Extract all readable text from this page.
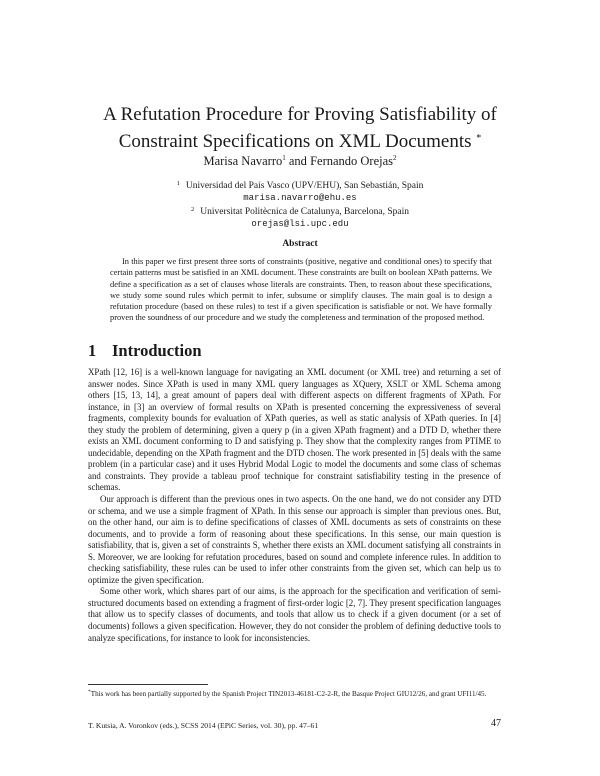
A Refutation Procedure for Proving Satisfiability of
Constraint Specifications on XML Documents *
Marisa Navarro$^1$ and Fernando Orejas$^2$
$^1$ Universidad del País Vasco (UPV/EHU), San Sebastián, Spain
marisa.navarro@ehu.es
$^2$ Universitat Politècnica de Catalunya, Barcelona, Spain
orejas@lsi.upc.edu
Abstract

In this paper we first present three sorts of constraints (positive, negative and conditional ones) to specify that certain patterns must be satisfied in an XML document. These constraints are built on boolean XPath patterns. We define a specification as a set of clauses whose literals are constraints. Then, to reason about these specifications, we study some sound rules which permit to infer, subsume or simplify clauses. The main goal is to design a refutation procedure (based on these rules) to test if a given specification is satisfiable or not. We have formally proven the soundness of our procedure and we study the completeness and termination of the proposed method.

1 Introduction

XPath [12, 16] is a well-known language for navigating an XML document (or XML tree) and returning a set of answer nodes. Since XPath is used in many XML query languages as XQuery, XSLT or XML Schema among others [15, 13, 14], a great amount of papers deal with different aspects on different fragments of XPath. For instance, in [3] an overview of formal results on XPath is presented concerning the expressiveness of several fragments, complexity bounds for evaluation of XPath queries, as well as static analysis of XPath queries. In [4] they study the problem of determining, given a query p (in a given XPath fragment) and a DTD D, whether there exists an XML document conforming to D and satisfying p. They show that the complexity ranges from PTIME to undecidable, depending on the XPath fragment and the DTD chosen. The work presented in [5] deals with the same problem (in a particular case) and it uses Hybrid Modal Logic to model the documents and some class of schemas and constraints. They provide a tableau proof technique for constraint satisfiability testing in the presence of schemas.

Our approach is different than the previous ones in two aspects. On the one hand, we do not consider any DTD or schema, and we use a simple fragment of XPath. In this sense our approach is simpler than previous ones. But, on the other hand, our aim is to define specifications of classes of XML documents as sets of constraints on these documents, and to provide a form of reasoning about these specifications. In this sense, our main question is satisfiability, that is, given a set of constraints S, whether there exists an XML document satisfying all constraints in S. Moreover, we are looking for refutation procedures, based on sound and complete inference rules. In addition to checking satisfiability, these rules can be used to infer other constraints from the given set, which can help us to optimize the given specification.

Some other work, which shares part of our aims, is the approach for the specification and verification of semi-structured documents based on extending a fragment of first-order logic [2, 7]. They present specification languages that allow us to specify classes of documents, and tools that allow us to check if a given document (or a set of documents) follows a given specification. However, they do not consider the problem of defining deductive tools to analyze specifications, for instance to look for inconsistencies.

*This work has been partially supported by the Spanish Project TIN2013-46181-C2-2-R, the Basque Project GIU12/26, and grant UFI11/45.
T. Kutsia, A. Voronkov (eds.), SCSS 2014 (EPiC Series, vol. 30), pp. 47–61	47
